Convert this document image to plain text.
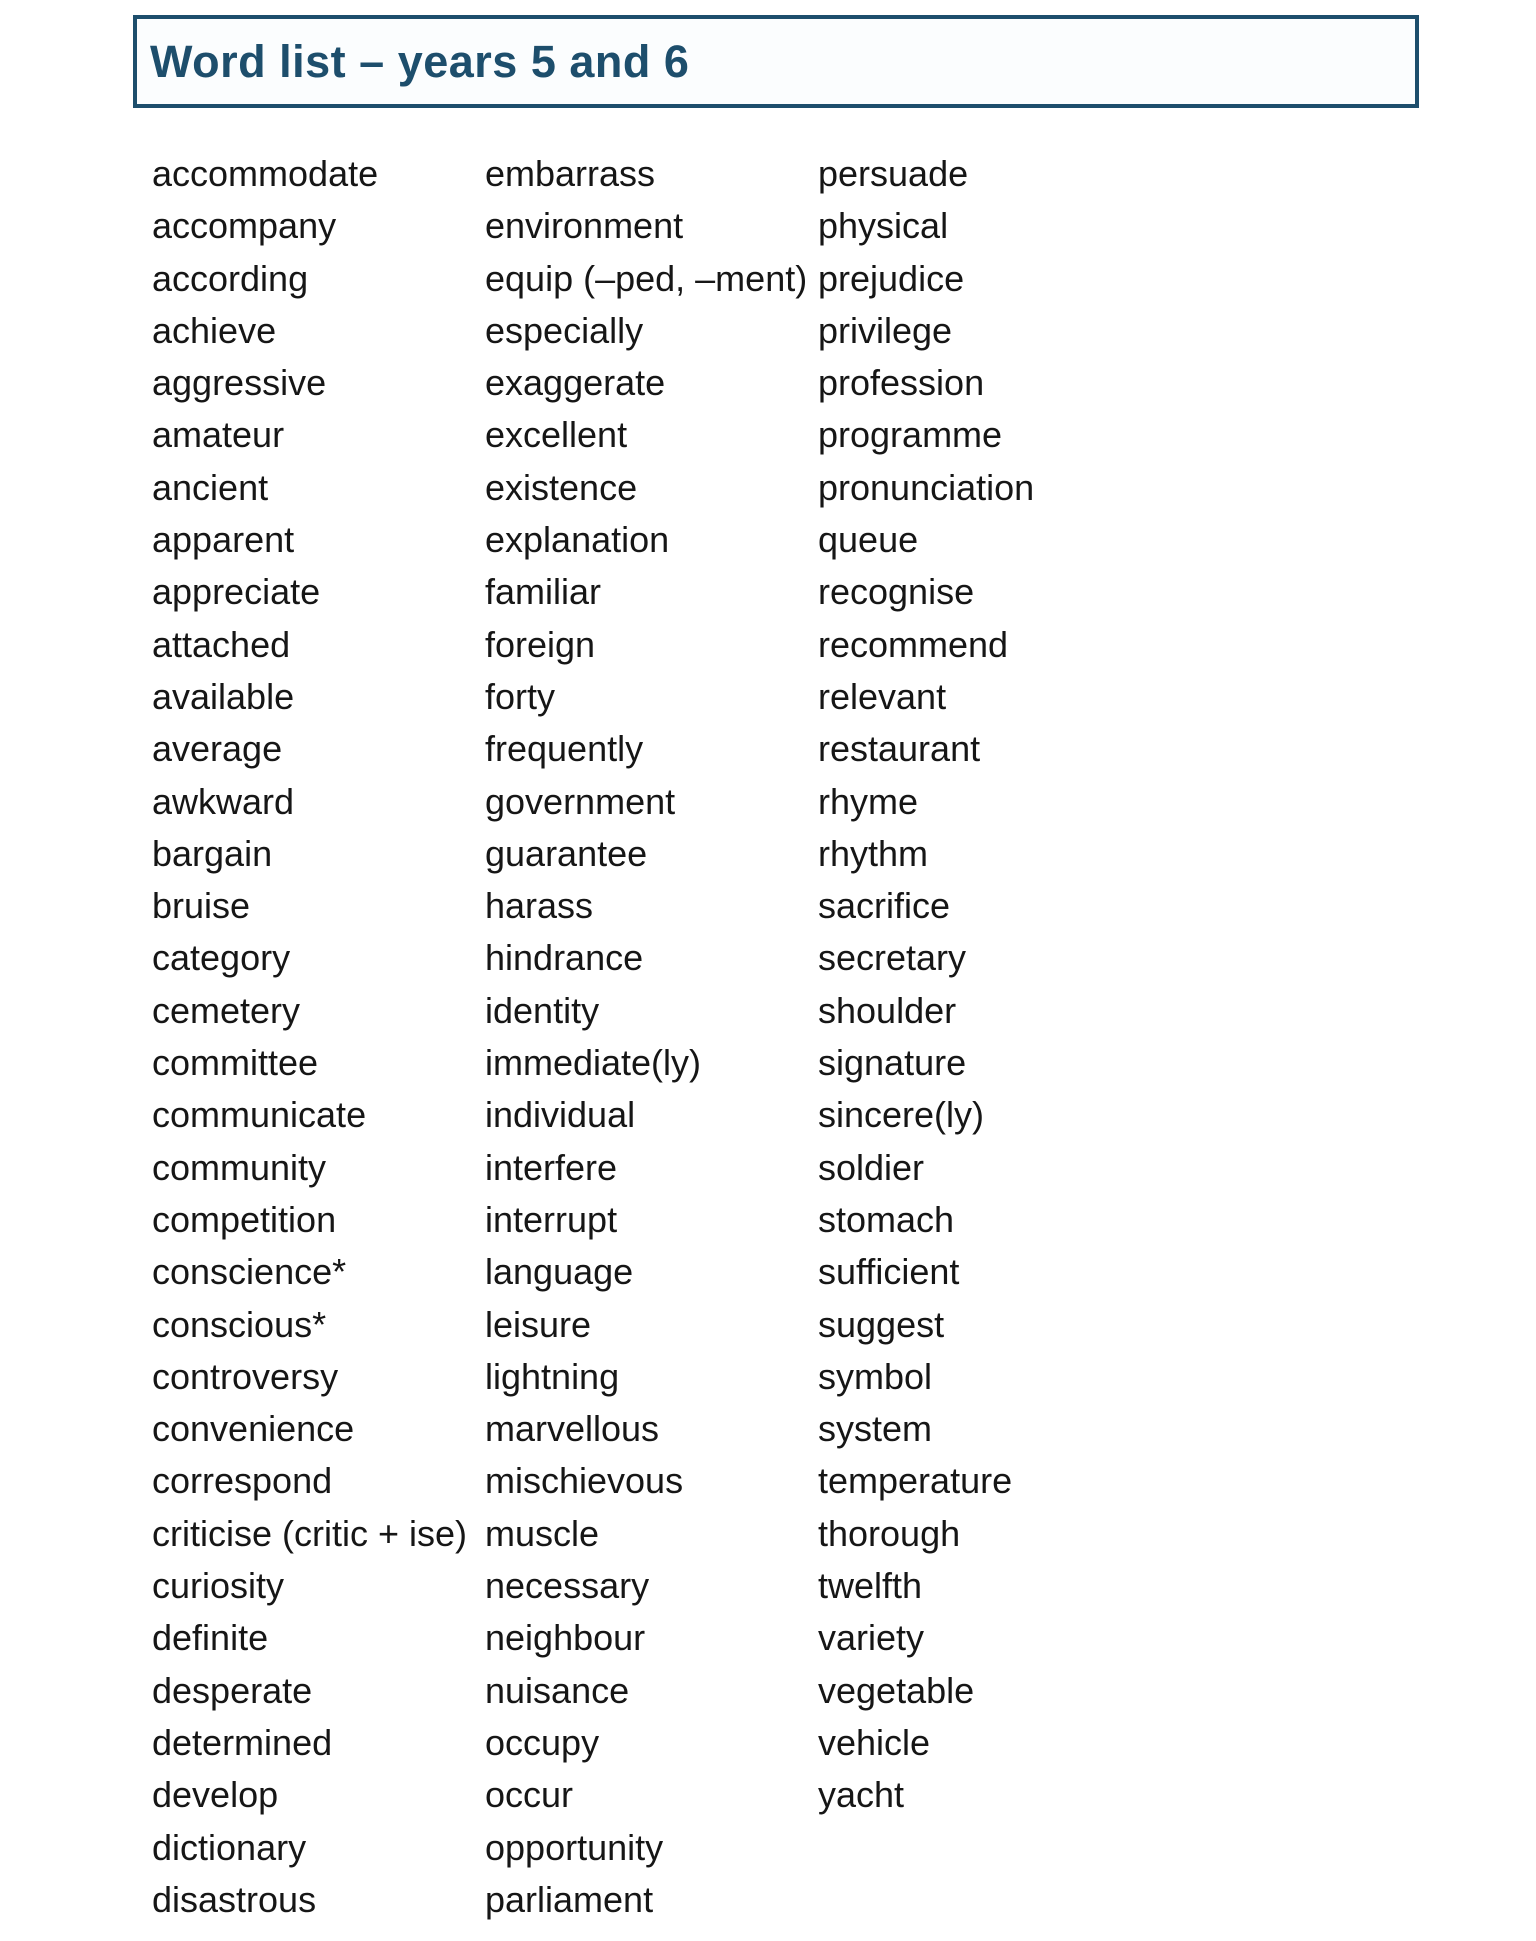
Word list – years 5 and 6
accommodate
accompany
according
achieve
aggressive
amateur
ancient
apparent
appreciate
attached
available
average
awkward
bargain
bruise
category
cemetery
committee
communicate
community
competition
conscience*
conscious*
controversy
convenience
correspond
criticise (critic + ise)
curiosity
definite
desperate
determined
develop
dictionary
disastrous
embarrass
environment
equip (–ped, –ment)
especially
exaggerate
excellent
existence
explanation
familiar
foreign
forty
frequently
government
guarantee
harass
hindrance
identity
immediate(ly)
individual
interfere
interrupt
language
leisure
lightning
marvellous
mischievous
muscle
necessary
neighbour
nuisance
occupy
occur
opportunity
parliament
persuade
physical
prejudice
privilege
profession
programme
pronunciation
queue
recognise
recommend
relevant
restaurant
rhyme
rhythm
sacrifice
secretary
shoulder
signature
sincere(ly)
soldier
stomach
sufficient
suggest
symbol
system
temperature
thorough
twelfth
variety
vegetable
vehicle
yacht
